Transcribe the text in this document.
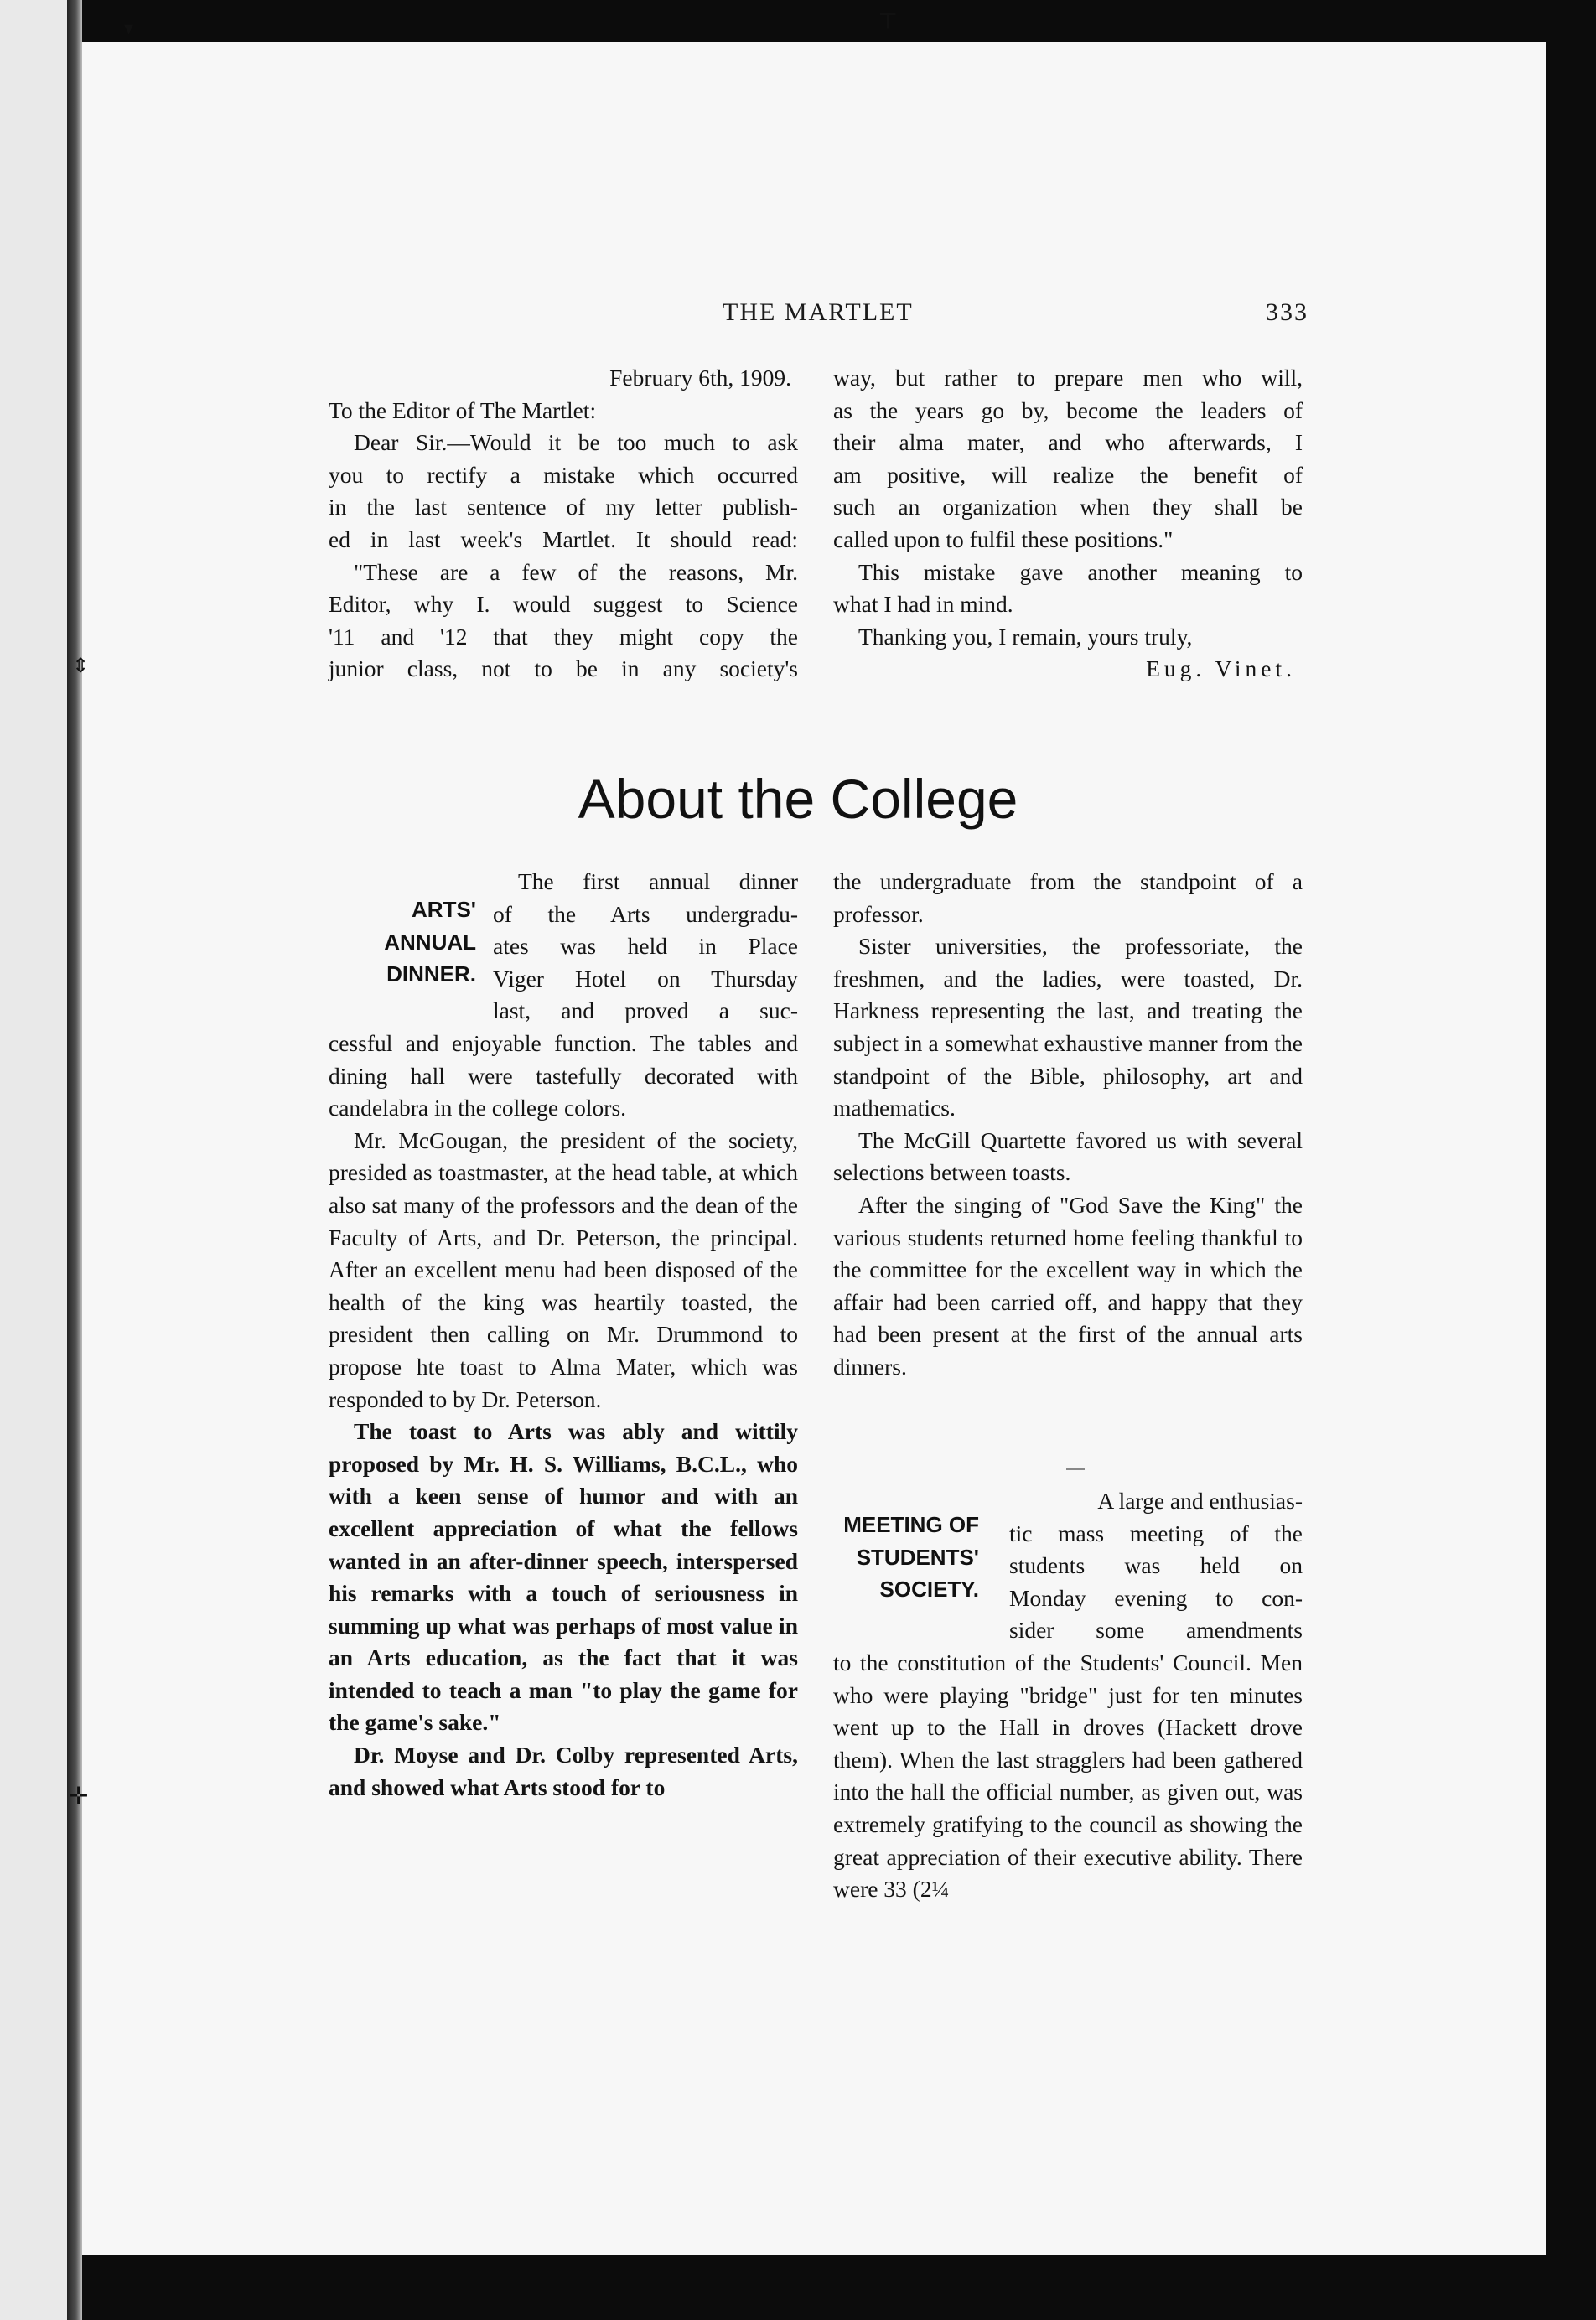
┬
▾
⇕
✛
THE MARTLET	333

February 6th, 1909.

To the Editor of The Martlet:

Dear Sir.—Would it be too much to ask

you to rectify a mistake which occurred

in the last sentence of my letter publish-

ed in last week's Martlet. It should read:

"These are a few of the reasons, Mr.

Editor, why I. would suggest to Science

'11 and '12 that they might copy the

junior class, not to be in any society's

way, but rather to prepare men who will,

as the years go by, become the leaders of

their alma mater, and who afterwards, I

am positive, will realize the benefit of

such an organization when they shall be

called upon to fulfil these positions."

This mistake gave another meaning to

what I had in mind.

Thanking you, I remain, yours truly,

Eug. Vinet.

About the College
ARTS'
ANNUAL
DINNER.

The first annual dinner

of the Arts undergradu-

ates was held in Place

Viger Hotel on Thursday

last, and proved a suc-

cessful and enjoyable function. The tables and dining hall were tastefully decorated with candelabra in the college colors.

Mr. McGougan, the president of the society, presided as toastmaster, at the head table, at which also sat many of the professors and the dean of the Faculty of Arts, and Dr. Peterson, the principal. After an excellent menu had been disposed of the health of the king was heartily toasted, the president then calling on Mr. Drummond to propose hte toast to Alma Mater, which was responded to by Dr. Peterson.

The toast to Arts was ably and wittily proposed by Mr. H. S. Williams, B.C.L., who with a keen sense of humor and with an excellent appreciation of what the fellows wanted in an after-dinner speech, interspersed his remarks with a touch of seriousness in summing up what was perhaps of most value in an Arts education, as the fact that it was intended to teach a man "to play the game for the game's sake."

Dr. Moyse and Dr. Colby represented Arts, and showed what Arts stood for to

the undergraduate from the standpoint of a professor.

Sister universities, the professoriate, the freshmen, and the ladies, were toasted, Dr. Harkness representing the last, and treating the subject in a somewhat exhaustive manner from the standpoint of the Bible, philosophy, art and mathematics.

The McGill Quartette favored us with several selections between toasts.

After the singing of "God Save the King" the various students returned home feeling thankful to the committee for the excellent way in which the affair had been carried off, and happy that they had been present at the first of the annual arts dinners.

MEETING OF
STUDENTS'
SOCIETY.

A large and enthusias-

tic mass meeting of the

students was held on

Monday evening to con-

sider some amendments

to the constitution of the Students' Council. Men who were playing "bridge" just for ten minutes went up to the Hall in droves (Hackett drove them). When the last stragglers had been gathered into the hall the official number, as given out, was extremely gratifying to the council as showing the great appreciation of their executive ability. There were 33 (2¼
